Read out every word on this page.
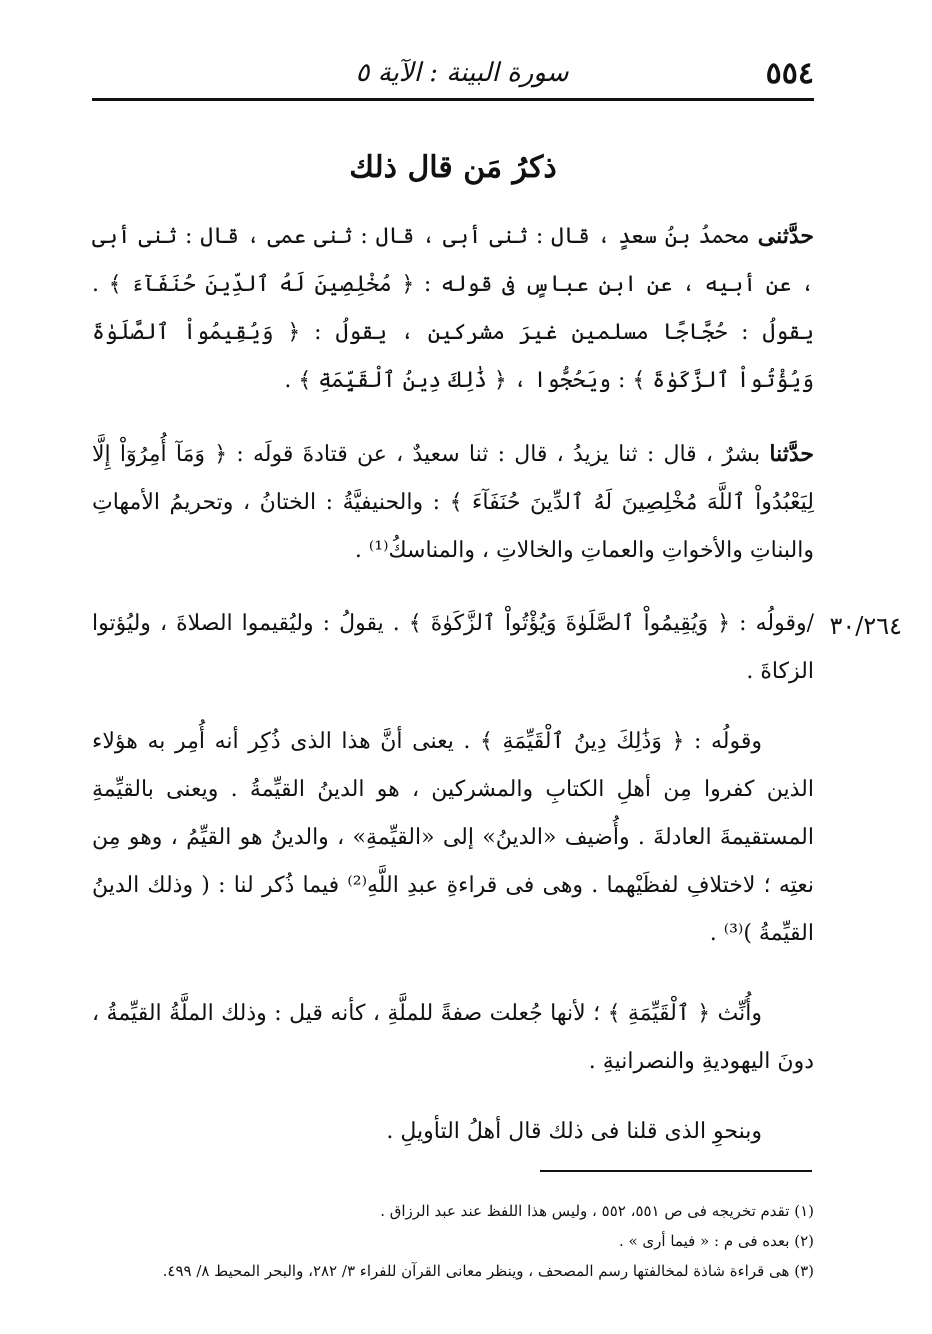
سورة البينة : الآية ٥	٥٥٤
ذكرُ مَن قال ذلك
حدَّثنى محمدُ بنُ سعدٍ ، قال : ثنى أبى ، قال : ثنى عمى ، قال : ثنى أبى ، عن أبيه ، عن ابنِ عباسٍ فى قوله : ﴿ مُخْلِصِينَ لَهُ ٱلدِّينَ حُنَفَآءَ ﴾ . يقولُ : حُجَّاجًا مسلمين غيرَ مشركين ، يقولُ : ﴿ وَيُقِيمُواْ ٱلصَّلَوٰةَ وَيُؤْتُواْ ٱلزَّكَوٰةَ ﴾ : ويَحُجُّوا ، ﴿ ذَٰلِكَ دِينُ ٱلْقَيِّمَةِ ﴾ .
حدَّثنا بشرٌ ، قال : ثنا يزيدُ ، قال : ثنا سعيدٌ ، عن قتادةَ قولَه : ﴿ وَمَآ أُمِرُوٓاْ إِلَّا لِيَعْبُدُواْ ٱللَّهَ مُخْلِصِينَ لَهُ ٱلدِّينَ حُنَفَآءَ ﴾ : والحنيفيَّةُ : الختانُ ، وتحريمُ الأمهاتِ والبناتِ والأخواتِ والعماتِ والخالاتِ ، والمناسكُ⁽¹⁾ .
/وقولُه : ﴿ وَيُقِيمُواْ ٱلصَّلَوٰةَ وَيُؤْتُواْ ٱلزَّكَوٰةَ ﴾ . يقولُ : وليُقيموا الصلاةَ ، وليُؤتوا الزكاةَ .
٣٠/٢٦٤
وقولُه : ﴿ وَذَٰلِكَ دِينُ ٱلْقَيِّمَةِ ﴾ . يعنى أنَّ هذا الذى ذُكِر أنه أُمِر به هؤلاء الذين كفروا مِن أهلِ الكتابِ والمشركين ، هو الدينُ القيِّمةُ . ويعنى بالقيِّمةِ المستقيمةَ العادلةَ . وأُضيف «الدينُ» إلى «القيِّمةِ» ، والدينُ هو القيِّمُ ، وهو مِن نعتِه ؛ لاختلافِ لفظَيْهما . وهى فى قراءةِ عبدِ اللَّهِ⁽²⁾ فيما ذُكر لنا : ( وذلك الدينُ القيِّمةُ )⁽³⁾ .
وأُنِّث ﴿ ٱلْقَيِّمَةِ ﴾ ؛ لأنها جُعلت صفةً للملَّةِ ، كأنه قيل : وذلك الملَّةُ القيِّمةُ ، دونَ اليهوديةِ والنصرانيةِ .
وبنحوِ الذى قلنا فى ذلك قال أهلُ التأويلِ .
(١) تقدم تخريجه فى ص ٥٥١، ٥٥٢ ، وليس هذا اللفظ عند عبد الرزاق .
(٢) بعده فى م : « فيما أرى » .
(٣) هى قراءة شاذة لمخالفتها رسم المصحف ، وينظر معانى القرآن للفراء ٣/ ٢٨٢، والبحر المحيط ٨/ ٤٩٩.
